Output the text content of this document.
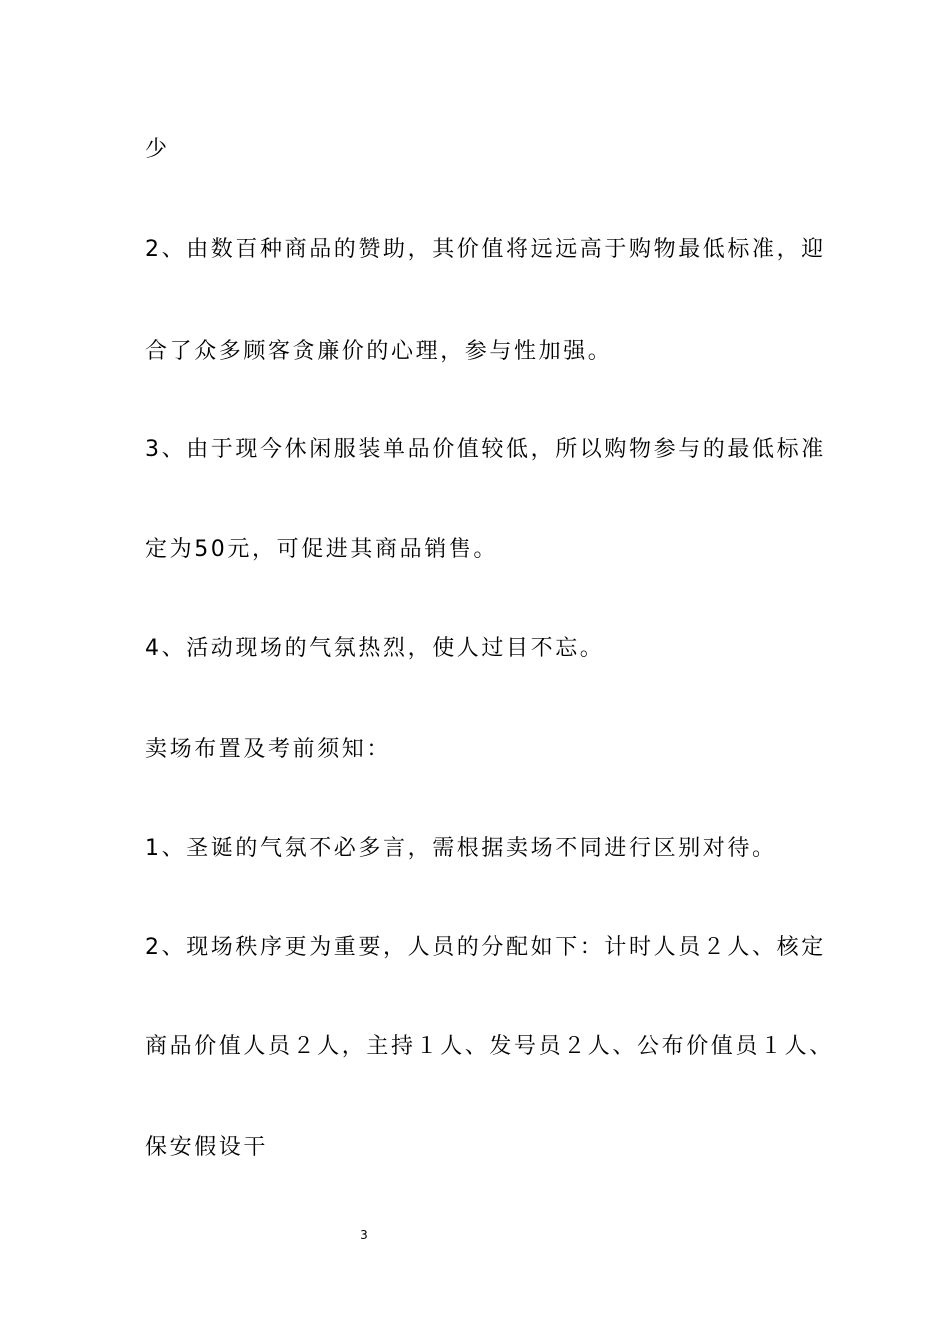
少
2、由数百种商品的赞助，其价值将远远高于购物最低标准，迎
合了众多顾客贪廉价的心理，参与性加强。
3、由于现今休闲服装单品价值较低，所以购物参与的最低标准
定为50元，可促进其商品销售。
4、活动现场的气氛热烈，使人过目不忘。
卖场布置及考前须知：
1、圣诞的气氛不必多言，需根据卖场不同进行区别对待。
2、现场秩序更为重要，人员的分配如下：计时人员２人、核定
商品价值人员２人，主持１人、发号员２人、公布价值员１人、
保安假设干
3
